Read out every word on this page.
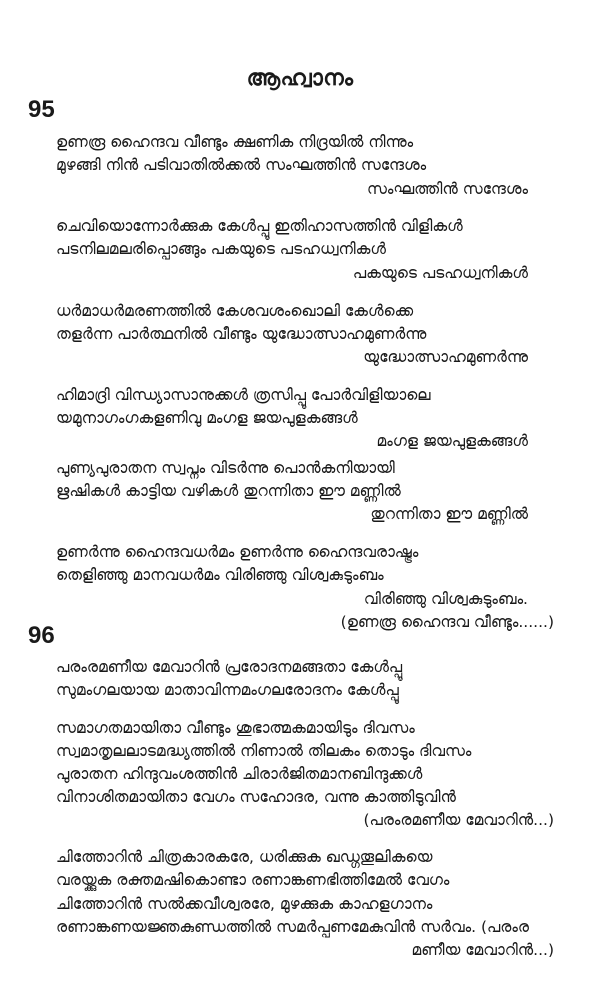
ആഹ്വാനം
95
ഉണരൂ ഹൈന്ദവ വീണ്ടും ക്ഷണിക നിദ്രയിൽ നിന്നും
മുഴങ്ങി നിൻ പടിവാതിൽക്കൽ സംഘത്തിൻ സന്ദേശം
സംഘത്തിൻ സന്ദേശം
ചെവിയൊന്നോർക്കുക കേൾപ്പൂ ഇതിഹാസത്തിൻ വിളികൾ
പടനിലമലരിപ്പൊങ്ങും പകയുടെ പടഹധ്വനികൾ
പകയുടെ പടഹധ്വനികൾ
ധർമാധർമരണത്തിൽ കേശവശംഖൊലി കേൾക്കെ
തളർന്ന പാർത്ഥനിൽ വീണ്ടും യുദ്ധോത്സാഹമുണർന്നു
യുദ്ധോത്സാഹമുണർന്നു
ഹിമാദ്രി വിന്ധ്യാസാനുക്കൾ ത്രസിപ്പൂ പോർവിളിയാലെ
യമുനാഗംഗകളണിവു മംഗള ജയപുളകങ്ങൾ
മംഗള ജയപുളകങ്ങൾ
പുണ്യപുരാതന സ്വപ്നം വിടർന്നു പൊൻകനിയായി
ഋഷികൾ കാട്ടിയ വഴികൾ തുറന്നിതാ ഈ മണ്ണിൽ
തുറന്നിതാ ഈ മണ്ണിൽ
ഉണർന്നു ഹൈന്ദവധർമം ഉണർന്നു ഹൈന്ദവരാഷ്ട്രം
തെളിഞ്ഞു മാനവധർമം വിരിഞ്ഞു വിശ്വകുടുംബം
വിരിഞ്ഞു വിശ്വകുടുംബം.
(ഉണരൂ ഹൈന്ദവ വീണ്ടും......)
96
പരംരമണീയ മേവാറിൻ പ്രരോദനമങ്ങതാ കേൾപ്പൂ
സുമംഗലയായ മാതാവിന്നമംഗലരോദനം കേൾപ്പൂ
സമാഗതമായിതാ വീണ്ടും ശുഭാത്മകമായിടും ദിവസം
സ്വമാതൃലലാടമദ്ധ്യത്തിൽ നിണാൽ തിലകം തൊടും ദിവസം
പുരാതന ഹിന്ദുവംശത്തിൻ ചിരാർജിതമാനബിന്ദുക്കൾ
വിനാശിതമായിതാ വേഗം സഹോദര, വന്നു കാത്തിടുവിൻ
(പരംരമണീയ മേവാറിൻ...)
ചിത്തോറിൻ ചിത്രകാരകരേ, ധരിക്കുക ഖഡ്ഗതൂലികയെ
വരയ്ക്കുക രക്തമഷികൊണ്ടാ രണാങ്കണഭിത്തിമേൽ വേഗം
ചിത്തോറിൻ സൽക്കവീശ്വരരേ, മുഴക്കുക കാഹളഗാനം
രണാങ്കണയജ്ഞകുണ്ഡത്തിൽ സമർപ്പണമേകുവിൻ സർവം. (പരംര
മണീയ മേവാറിൻ...)
